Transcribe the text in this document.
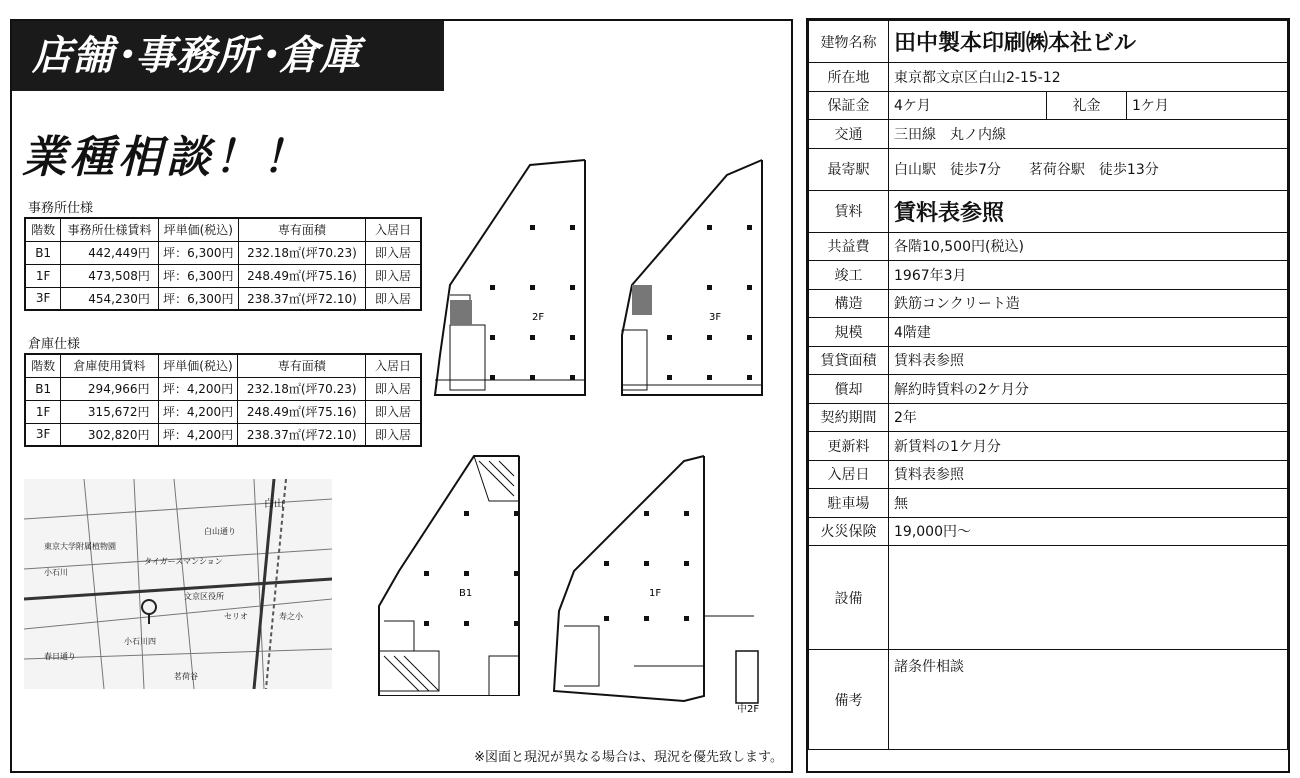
店舗･事務所･倉庫
業種相談！！
事務所仕様
階数	事務所仕様賃料	坪単価(税込)	専有面積	入居日
B1	442,449円	坪：6,300円	232.18㎡(坪70.23)	即入居
1F	473,508円	坪：6,300円	248.49㎡(坪75.16)	即入居
3F	454,230円	坪：6,300円	238.37㎡(坪72.10)	即入居
倉庫仕様
階数	倉庫使用賃料	坪単価(税込)	専有面積	入居日
B1	294,966円	坪：4,200円	232.18㎡(坪70.23)	即入居
1F	315,672円	坪：4,200円	248.49㎡(坪75.16)	即入居
3F	302,820円	坪：4,200円	238.37㎡(坪72.10)	即入居
白山
東京大学附属植物園
小石川四
小石川
茗荷谷
白山通り
春日通り
タイガースマンション
セリオ	寿之小
文京区役所
2F	3F
B1	1F
中2F
※図面と現況が異なる場合は、現況を優先致します。
建物名称	田中製本印刷㈱本社ビル		
所在地	東京都文京区白山2-15-12		
保証金	4ケ月	礼金	1ケ月
交通	三田線　丸ノ内線		
最寄駅	白山駅　徒歩7分　　茗荷谷駅　徒歩13分		
賃料	賃料表参照		
共益費	各階10,500円(税込)		
竣工	1967年3月		
構造	鉄筋コンクリート造		
規模	4階建		
賃貸面積	賃料表参照		
償却	解約時賃料の2ケ月分		
契約期間	2年		
更新料	新賃料の1ケ月分		
入居日	賃料表参照		
駐車場	無		
火災保険	19,000円～		
設備			
備考	諸条件相談		
